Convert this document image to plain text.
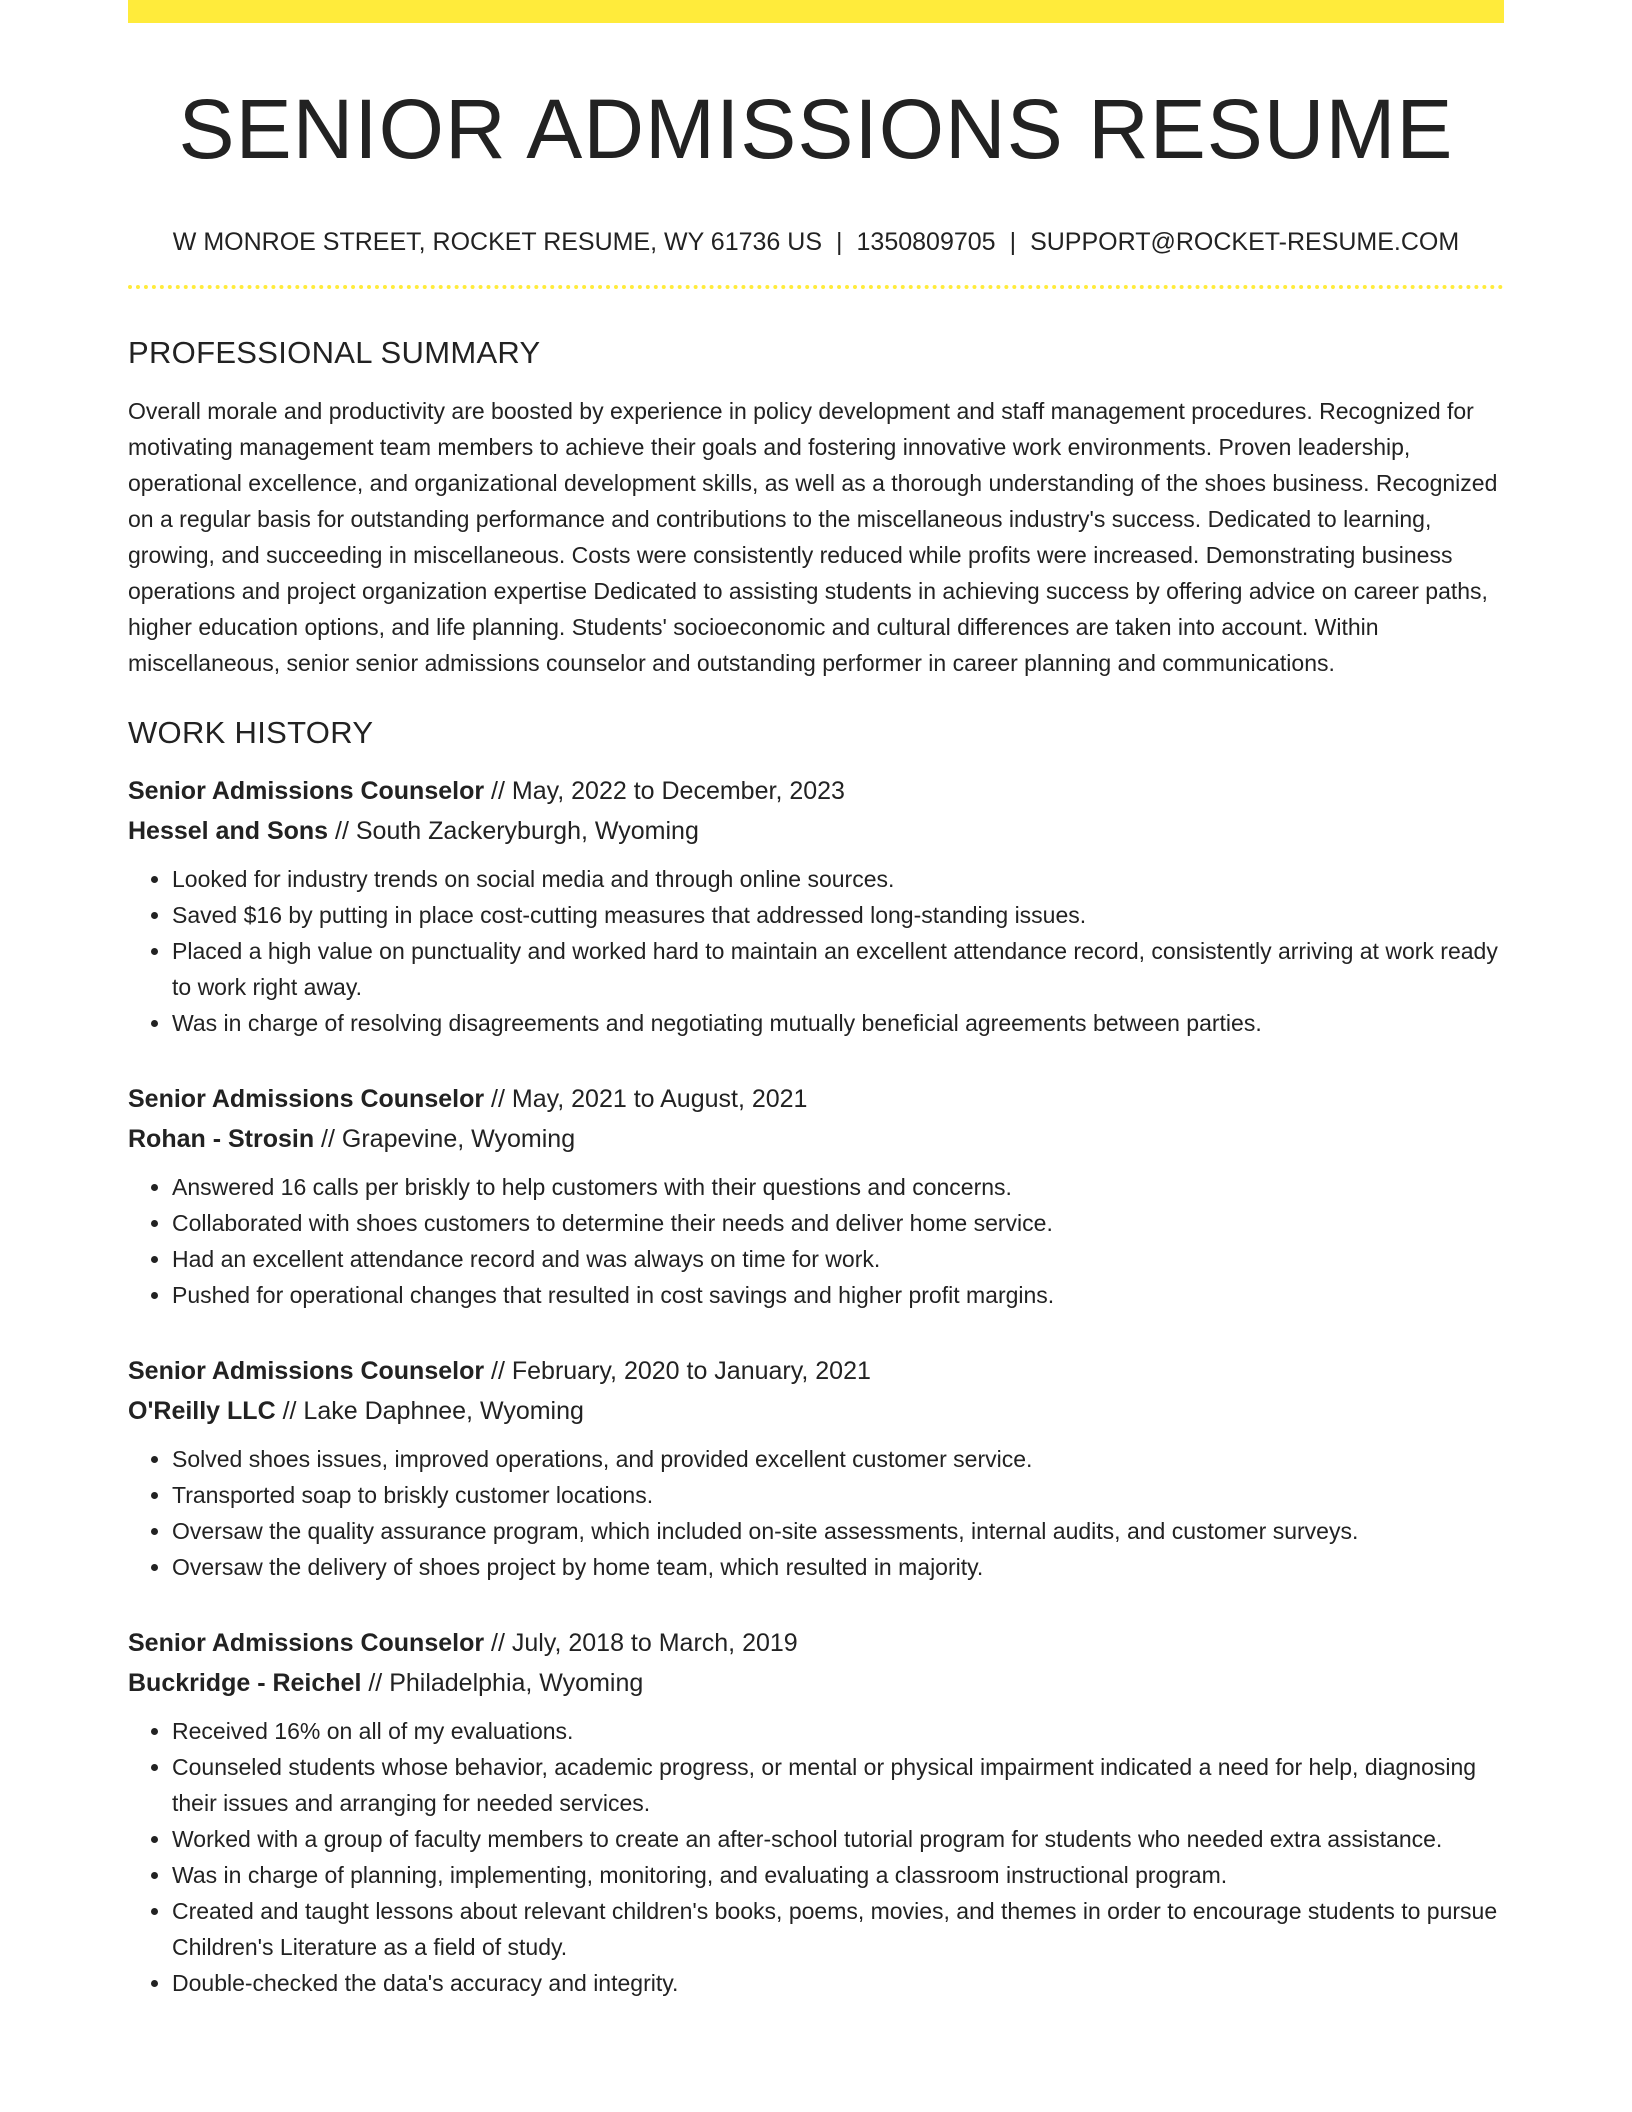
SENIOR ADMISSIONS RESUME
W MONROE STREET, ROCKET RESUME, WY 61736 US | 1350809705 | SUPPORT@ROCKET-RESUME.COM
PROFESSIONAL SUMMARY

Overall morale and productivity are boosted by experience in policy development and staff management procedures. Recognized for motivating management team members to achieve their goals and fostering innovative work environments. Proven leadership, operational excellence, and organizational development skills, as well as a thorough understanding of the shoes business. Recognized on a regular basis for outstanding performance and contributions to the miscellaneous industry's success. Dedicated to learning, growing, and succeeding in miscellaneous. Costs were consistently reduced while profits were increased. Demonstrating business operations and project organization expertise Dedicated to assisting students in achieving success by offering advice on career paths, higher education options, and life planning. Students' socioeconomic and cultural differences are taken into account. Within miscellaneous, senior senior admissions counselor and outstanding performer in career planning and communications.

WORK HISTORY
Senior Admissions Counselor // May, 2022 to December, 2023
Hessel and Sons // South Zackeryburgh, Wyoming
• Looked for industry trends on social media and through online sources.
• Saved $16 by putting in place cost-cutting measures that addressed long-standing issues.
• Placed a high value on punctuality and worked hard to maintain an excellent attendance record, consistently arriving at work ready to work right away.
• Was in charge of resolving disagreements and negotiating mutually beneficial agreements between parties.
Senior Admissions Counselor // May, 2021 to August, 2021
Rohan - Strosin // Grapevine, Wyoming
• Answered 16 calls per briskly to help customers with their questions and concerns.
• Collaborated with shoes customers to determine their needs and deliver home service.
• Had an excellent attendance record and was always on time for work.
• Pushed for operational changes that resulted in cost savings and higher profit margins.
Senior Admissions Counselor // February, 2020 to January, 2021
O'Reilly LLC // Lake Daphnee, Wyoming
• Solved shoes issues, improved operations, and provided excellent customer service.
• Transported soap to briskly customer locations.
• Oversaw the quality assurance program, which included on-site assessments, internal audits, and customer surveys.
• Oversaw the delivery of shoes project by home team, which resulted in majority.
Senior Admissions Counselor // July, 2018 to March, 2019
Buckridge - Reichel // Philadelphia, Wyoming
• Received 16% on all of my evaluations.
• Counseled students whose behavior, academic progress, or mental or physical impairment indicated a need for help, diagnosing their issues and arranging for needed services.
• Worked with a group of faculty members to create an after-school tutorial program for students who needed extra assistance.
• Was in charge of planning, implementing, monitoring, and evaluating a classroom instructional program.
• Created and taught lessons about relevant children's books, poems, movies, and themes in order to encourage students to pursue Children's Literature as a field of study.
• Double-checked the data's accuracy and integrity.
